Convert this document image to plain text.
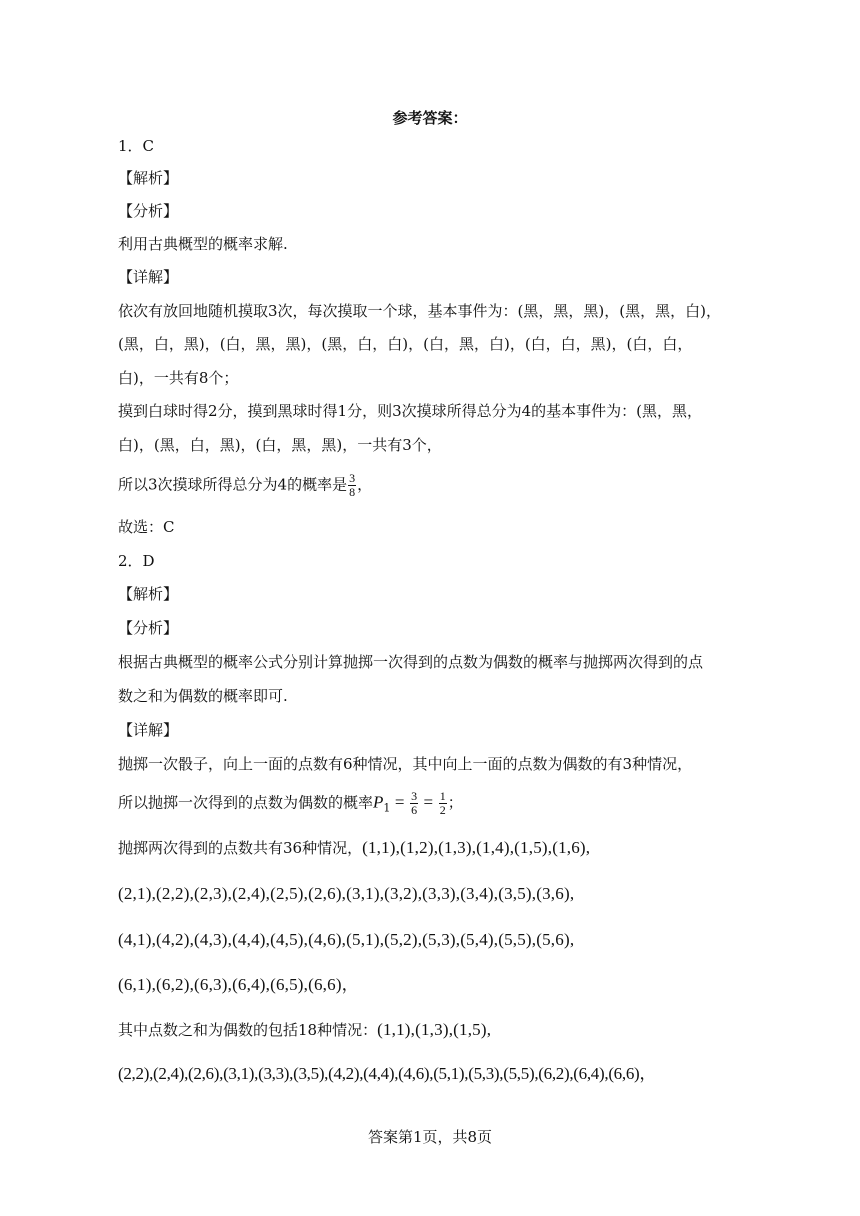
参考答案：
1．C
【解析】
【分析】
利用古典概型的概率求解.
【详解】
依次有放回地随机摸取3次，每次摸取一个球，基本事件为：(黑，黑，黑)，(黑，黑，白)，
(黑，白，黑)，(白，黑，黑)，(黑，白，白)，(白，黑，白)，(白，白，黑)，(白，白，
白)，一共有8个；
摸到白球时得2分，摸到黑球时得1分，则3次摸球所得总分为4的基本事件为：(黑，黑，
白)，(黑，白，黑)，(白，黑，黑)，一共有3个，
所以3次摸球所得总分为4的概率是 $\frac{3}{8}$ ，
故选：C
2．D
【解析】
【分析】
根据古典概型的概率公式分别计算抛掷一次得到的点数为偶数的概率与抛掷两次得到的点
数之和为偶数的概率即可.
【详解】
抛掷一次骰子，向上一面的点数有6种情况，其中向上一面的点数为偶数的有3种情况，
所以抛掷一次得到的点数为偶数的概率$P_1 = \frac{3}{6} = \frac{1}{2}$ ；
抛掷两次得到的点数共有36种情况，(1,1),(1,2),(1,3),(1,4),(1,5),(1,6),
(2,1),(2,2),(2,3),(2,4),(2,5),(2,6),(3,1),(3,2),(3,3),(3,4),(3,5),(3,6),
(4,1),(4,2),(4,3),(4,4),(4,5),(4,6),(5,1),(5,2),(5,3),(5,4),(5,5),(5,6),
(6,1),(6,2),(6,3),(6,4),(6,5),(6,6)，
其中点数之和为偶数的包括18种情况：(1,1),(1,3),(1,5),
(2,2),(2,4),(2,6),(3,1),(3,3),(3,5),(4,2),(4,4),(4,6),(5,1),(5,3),(5,5),(6,2),(6,4),(6,6)，
答案第1页，共8页
